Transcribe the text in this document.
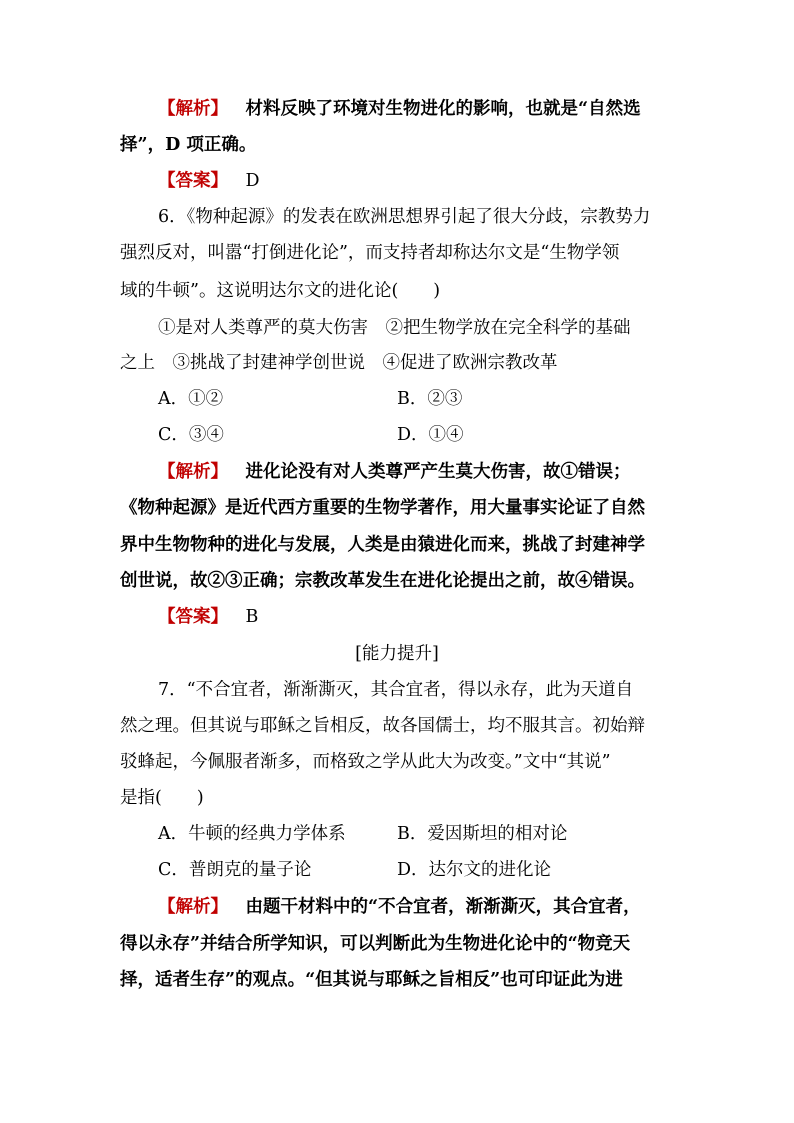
【解析】  材料反映了环境对生物进化的影响，也就是“自然选
择”，D 项正确。
【答案】  D
6．《物种起源》的发表在欧洲思想界引起了很大分歧，宗教势力
强烈反对，叫嚣“打倒进化论”，而支持者却称达尔文是“生物学领
域的牛顿”。这说明达尔文的进化论(　　)
①是对人类尊严的莫大伤害　②把生物学放在完全科学的基础
之上　③挑战了封建神学创世说　④促进了欧洲宗教改革
A．①②	B．②③
C．③④	D．①④
【解析】  进化论没有对人类尊严产生莫大伤害，故①错误；
《物种起源》是近代西方重要的生物学著作，用大量事实论证了自然
界中生物物种的进化与发展，人类是由猿进化而来，挑战了封建神学
创世说，故②③正确；宗教改革发生在进化论提出之前，故④错误。
【答案】  B
[能力提升]
7．“不合宜者，渐渐澌灭，其合宜者，得以永存，此为天道自
然之理。但其说与耶稣之旨相反，故各国儒士，均不服其言。初始辩
驳蜂起，今佩服者渐多，而格致之学从此大为改变。”文中“其说”
是指(　　)
A．牛顿的经典力学体系	B．爱因斯坦的相对论
C．普朗克的量子论	D．达尔文的进化论
【解析】  由题干材料中的“不合宜者，渐渐澌灭，其合宜者，
得以永存”并结合所学知识，可以判断此为生物进化论中的“物竞天
择，适者生存”的观点。“但其说与耶稣之旨相反”也可印证此为进
